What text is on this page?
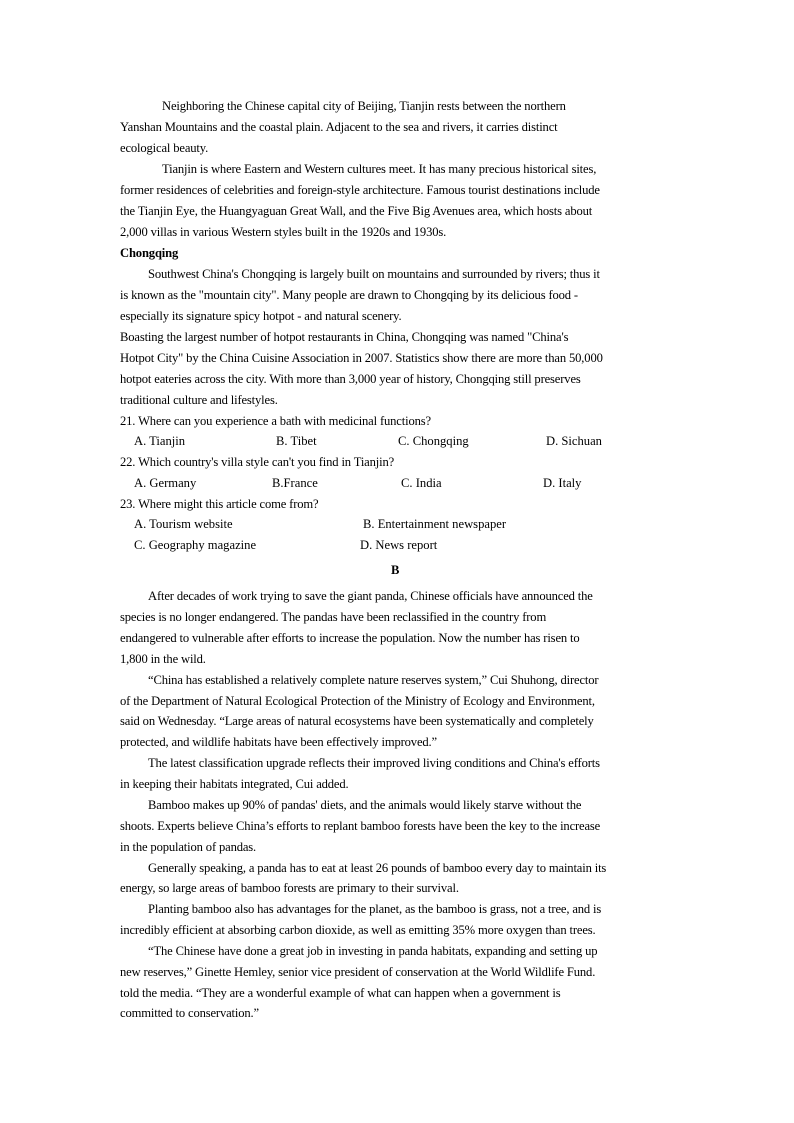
Neighboring the Chinese capital city of Beijing, Tianjin rests between the northern
Yanshan Mountains and the coastal plain. Adjacent to the sea and rivers, it carries distinct
ecological beauty.
Tianjin is where Eastern and Western cultures meet. It has many precious historical sites,
former residences of celebrities and foreign-style architecture. Famous tourist destinations include
the Tianjin Eye, the Huangyaguan Great Wall, and the Five Big Avenues area, which hosts about
2,000 villas in various Western styles built in the 1920s and 1930s.
Chongqing
Southwest China's Chongqing is largely built on mountains and surrounded by rivers; thus it
is known as the "mountain city". Many people are drawn to Chongqing by its delicious food -
especially its signature spicy hotpot - and natural scenery.
Boasting the largest number of hotpot restaurants in China, Chongqing was named "China's
Hotpot City" by the China Cuisine Association in 2007. Statistics show there are more than 50,000
hotpot eateries across the city. With more than 3,000 year of history, Chongqing still preserves
traditional culture and lifestyles.
21. Where can you experience a bath with medicinal functions?
A. Tianjin	B. Tibet	C. Chongqing	D. Sichuan
22. Which country's villa style can't you find in Tianjin?
A. Germany	B.France	C. India	D. Italy
23. Where might this article come from?
A. Tourism website	B. Entertainment newspaper
C. Geography magazine	D. News report
B
After decades of work trying to save the giant panda, Chinese officials have announced the
species is no longer endangered. The pandas have been reclassified in the country from
endangered to vulnerable after efforts to increase the population. Now the number has risen to
1,800 in the wild.
“China has established a relatively complete nature reserves system,” Cui Shuhong, director
of the Department of Natural Ecological Protection of the Ministry of Ecology and Environment,
said on Wednesday. “Large areas of natural ecosystems have been systematically and completely
protected, and wildlife habitats have been effectively improved.”
The latest classification upgrade reflects their improved living conditions and China's efforts
in keeping their habitats integrated, Cui added.
Bamboo makes up 90% of pandas' diets, and the animals would likely starve without the
shoots. Experts believe China’s efforts to replant bamboo forests have been the key to the increase
in the population of pandas.
Generally speaking, a panda has to eat at least 26 pounds of bamboo every day to maintain its
energy, so large areas of bamboo forests are primary to their survival.
Planting bamboo also has advantages for the planet, as the bamboo is grass, not a tree, and is
incredibly efficient at absorbing carbon dioxide, as well as emitting 35% more oxygen than trees.
“The Chinese have done a great job in investing in panda habitats, expanding and setting up
new reserves,” Ginette Hemley, senior vice president of conservation at the World Wildlife Fund.
told the media. “They are a wonderful example of what can happen when a government is
committed to conservation.”
